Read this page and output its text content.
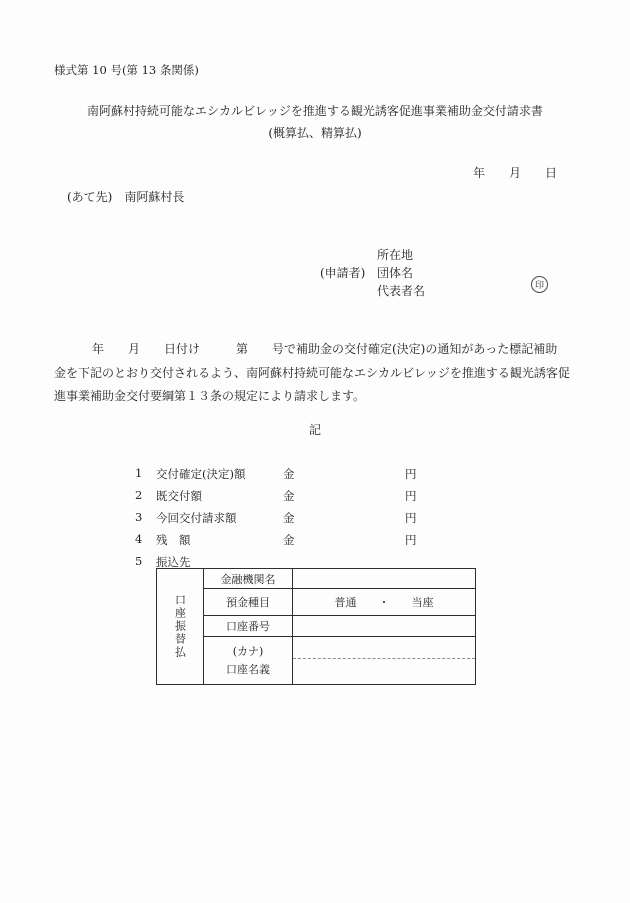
様式第 10 号(第 13 条関係)
南阿蘇村持続可能なエシカルビレッジを推進する観光誘客促進事業補助金交付請求書
(概算払、精算払)
年　　月　　日
(あて先)　南阿蘇村長
(申請者)
所在地
団体名
代表者名	印
年　　月　　日付け　　　第　　号で補助金の交付確定(決定)の通知があった標記補助
金を下記のとおり交付されるよう、南阿蘇村持続可能なエシカルビレッジを推進する観光誘客促
進事業補助金交付要綱第１３条の規定により請求します。
記
1 交付確定(決定)額	金	円
2 既交付額	金	円
3 今回交付請求額	金	円
4 残　額	金	円
5 振込先
口座振替払
金融機関名
預金種目	普通　　・　　当座
口座番号
(カナ)
口座名義
